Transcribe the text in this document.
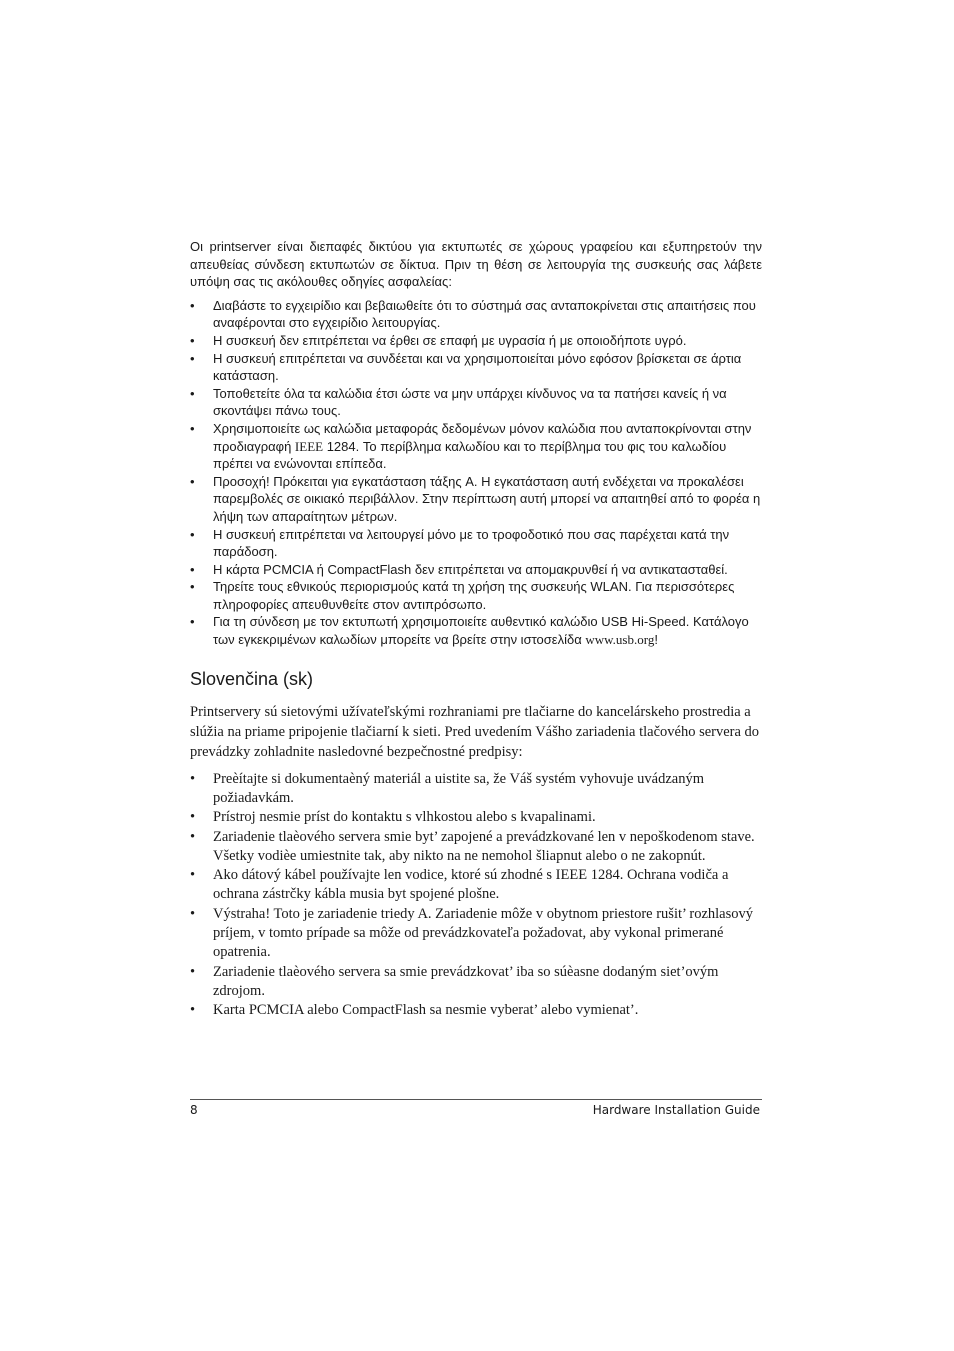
Οι printserver είναι διεπαφές δικτύου για εκτυπωτές σε χώρους γραφείου και εξυπηρετούν την απευθείας σύνδεση εκτυπωτών σε δίκτυα. Πριν τη θέση σε λειτουργία της συσκευής σας λάβετε υπόψη σας τις ακόλουθες οδηγίες ασφαλείας:

• Διαβάστε το εγχειρίδιο και βεβαιωθείτε ότι το σύστημά σας ανταποκρίνεται στις απαιτήσεις που αναφέρονται στο εγχειρίδιο λειτουργίας.
• Η συσκευή δεν επιτρέπεται να έρθει σε επαφή με υγρασία ή με οποιοδήποτε υγρό.
• Η συσκευή επιτρέπεται να συνδέεται και να χρησιμοποιείται μόνο εφόσον βρίσκεται σε άρτια κατάσταση.
• Τοποθετείτε όλα τα καλώδια έτσι ώστε να μην υπάρχει κίνδυνος να τα πατήσει κανείς ή να σκοντάψει πάνω τους.
• Χρησιμοποιείτε ως καλώδια μεταφοράς δεδομένων μόνον καλώδια που ανταποκρίνονται στην προδιαγραφή IEEE 1284. Το περίβλημα καλωδίου και το περίβλημα του φις του καλωδίου πρέπει να ενώνονται επίπεδα.
• Προσοχή! Πρόκειται για εγκατάσταση τάξης A. Η εγκατάσταση αυτή ενδέχεται να προκαλέσει παρεμβολές σε οικιακό περιβάλλον. Στην περίπτωση αυτή μπορεί να απαιτηθεί από το φορέα η λήψη των απαραίτητων μέτρων.
• Η συσκευή επιτρέπεται να λειτουργεί μόνο με το τροφοδοτικό που σας παρέχεται κατά την παράδοση.
• Η κάρτα PCMCIA ή CompactFlash δεν επιτρέπεται να απομακρυνθεί ή να αντικατασταθεί.
• Τηρείτε τους εθνικούς περιορισμούς κατά τη χρήση της συσκευής WLAN. Για περισσότερες πληροφορίες απευθυνθείτε στον αντιπρόσωπο.
• Για τη σύνδεση με τον εκτυπωτή χρησιμοποιείτε αυθεντικό καλώδιο USB Hi-Speed. Κατάλογο των εγκεκριμένων καλωδίων μπορείτε να βρείτε στην ιστοσελίδα www.usb.org!
Slovenčina (sk)

Printservery sú sietovými užívateľskými rozhraniami pre tlačiarne do kancelárskeho prostredia a slúžia na priame pripojenie tlačiarní k sieti. Pred uvedením Vášho zariadenia tlačového servera do prevádzky zohladnite nasledovné bezpečnostné predpisy:

• Preèítajte si dokumentaèný materiál a uistite sa, že Váš systém vyhovuje uvádzaným požiadavkám.
• Prístroj nesmie príst do kontaktu s vlhkostou alebo s kvapalinami.
• Zariadenie tlaèového servera smie byt’ zapojené a prevádzkované len v nepoškodenom stave.
Všetky vodièe umiestnite tak, aby nikto na ne nemohol šliapnut alebo o ne zakopnút.
• Ako dátový kábel používajte len vodice, ktoré sú zhodné s IEEE 1284. Ochrana vodiča a ochrana zástrčky kábla musia byt spojené plošne.
• Výstraha! Toto je zariadenie triedy A. Zariadenie môže v obytnom priestore rušit’ rozhlasový príjem, v tomto prípade sa môže od prevádzkovateľa požadovat, aby vykonal primerané opatrenia.
• Zariadenie tlaèového servera sa smie prevádzkovat’ iba so súèasne dodaným siet’ovým zdrojom.
• Karta PCMCIA alebo CompactFlash sa nesmie vyberat’ alebo vymienat’.
8	Hardware Installation Guide
